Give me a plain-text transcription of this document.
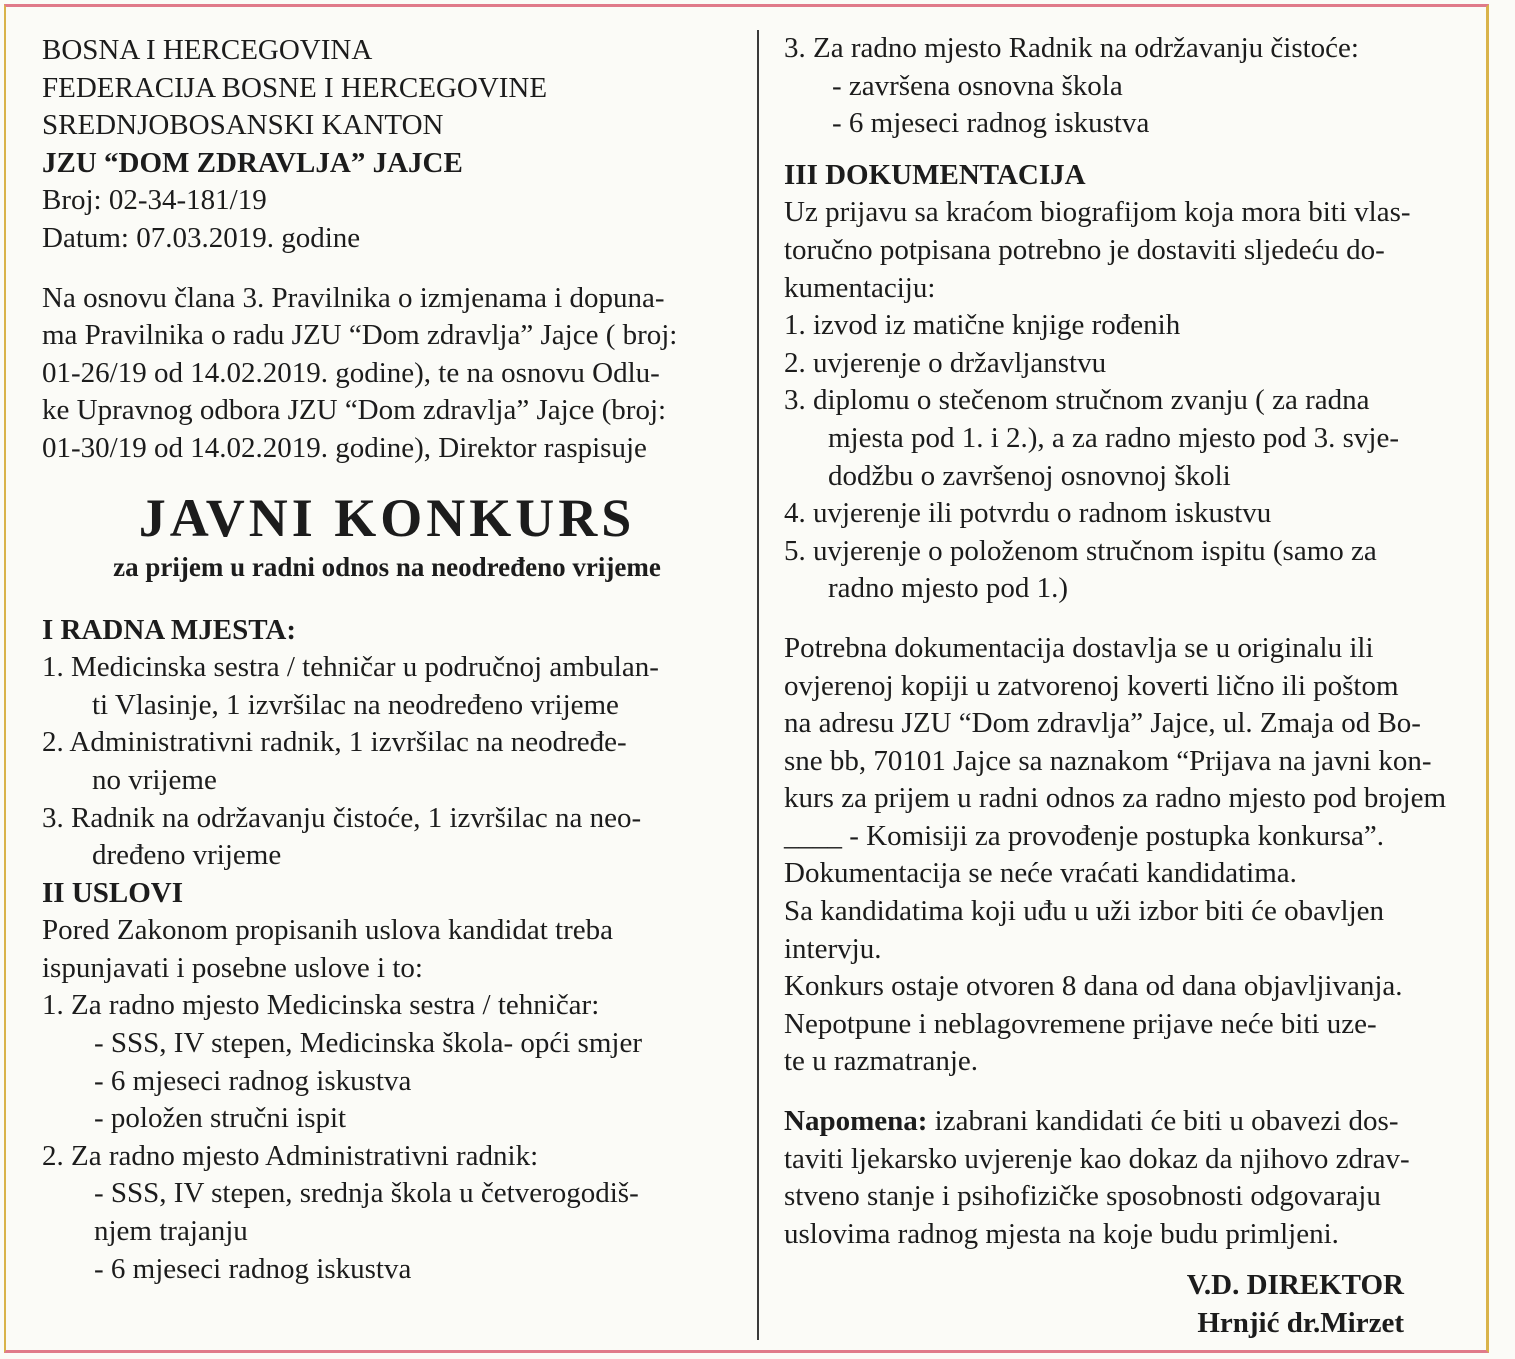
BOSNA I HERCEGOVINA
FEDERACIJA BOSNE I HERCEGOVINE
SREDNJOBOSANSKI KANTON
JZU “DOM ZDRAVLJA” JAJCE
Broj: 02-34-181/19
Datum: 07.03.2019. godine
Na osnovu člana 3. Pravilnika o izmjenama i dopuna-
ma Pravilnika o radu JZU “Dom zdravlja” Jajce ( broj:
01-26/19 od 14.02.2019. godine), te na osnovu Odlu-
ke Upravnog odbora JZU “Dom zdravlja” Jajce (broj:
01-30/19 od 14.02.2019. godine), Direktor raspisuje
JAVNI KONKURS
za prijem u radni odnos na neodređeno vrijeme
I RADNA MJESTA:
1. Medicinska sestra / tehničar u područnoj ambulan-
ti Vlasinje, 1 izvršilac na neodređeno vrijeme
2. Administrativni radnik, 1 izvršilac na neodređe-
no vrijeme
3. Radnik na održavanju čistoće, 1 izvršilac na neo-
dređeno vrijeme
II USLOVI
Pored Zakonom propisanih uslova kandidat treba
ispunjavati i posebne uslove i to:
1. Za radno mjesto Medicinska sestra / tehničar:
- SSS, IV stepen, Medicinska škola- opći smjer
- 6 mjeseci radnog iskustva
- položen stručni ispit
2. Za radno mjesto Administrativni radnik:
- SSS, IV stepen, srednja škola u četverogodiš-
njem trajanju
- 6 mjeseci radnog iskustva
3. Za radno mjesto Radnik na održavanju čistoće:
- završena osnovna škola
- 6 mjeseci radnog iskustva
III DOKUMENTACIJA
Uz prijavu sa kraćom biografijom koja mora biti vlas-
toručno potpisana potrebno je dostaviti sljedeću do-
kumentaciju:
1. izvod iz matične knjige rođenih
2. uvjerenje o državljanstvu
3. diplomu o stečenom stručnom zvanju ( za radna
mjesta pod 1. i 2.), a za radno mjesto pod 3. svje-
dodžbu o završenoj osnovnoj školi
4. uvjerenje ili potvrdu o radnom iskustvu
5. uvjerenje o položenom stručnom ispitu (samo za
radno mjesto pod 1.)
Potrebna dokumentacija dostavlja se u originalu ili
ovjerenoj kopiji u zatvorenoj koverti lično ili poštom
na adresu JZU “Dom zdravlja” Jajce, ul. Zmaja od Bo-
sne bb, 70101 Jajce sa naznakom “Prijava na javni kon-
kurs za prijem u radni odnos za radno mjesto pod brojem
____ - Komisiji za provođenje postupka konkursa”.
Dokumentacija se neće vraćati kandidatima.
Sa kandidatima koji uđu u uži izbor biti će obavljen
intervju.
Konkurs ostaje otvoren 8 dana od dana objavljivanja.
Nepotpune i neblagovremene prijave neće biti uze-
te u razmatranje.
Napomena: izabrani kandidati će biti u obavezi dos-
taviti ljekarsko uvjerenje kao dokaz da njihovo zdrav-
stveno stanje i psihofizičke sposobnosti odgovaraju
uslovima radnog mjesta na koje budu primljeni.
V.D. DIREKTOR
Hrnjić dr.Mirzet
